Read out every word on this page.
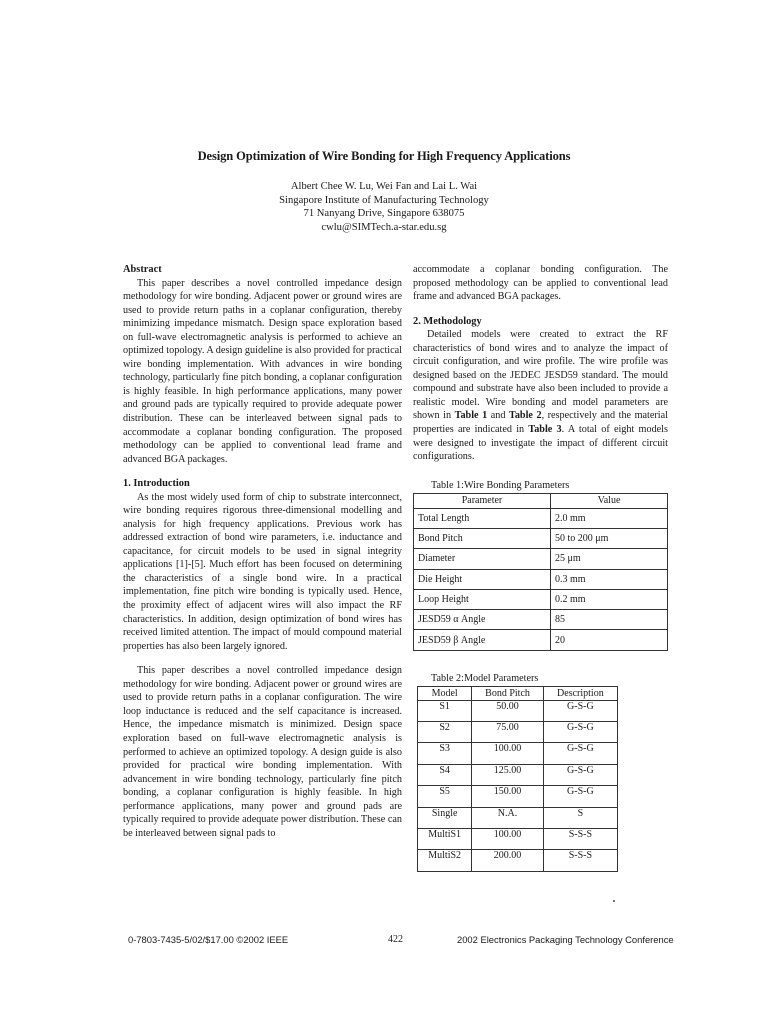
Design Optimization of Wire Bonding for High Frequency Applications
Albert Chee W. Lu, Wei Fan and Lai L. Wai
Singapore Institute of Manufacturing Technology
71 Nanyang Drive, Singapore 638075
cwlu@SIMTech.a-star.edu.sg

Abstract

This paper describes a novel controlled impedance design methodology for wire bonding. Adjacent power or ground wires are used to provide return paths in a coplanar configuration, thereby minimizing impedance mismatch. Design space exploration based on full-wave electromagnetic analysis is performed to achieve an optimized topology. A design guideline is also provided for practical wire bonding implementation. With advances in wire bonding technology, particularly fine pitch bonding, a coplanar configuration is highly feasible. In high performance applications, many power and ground pads are typically required to provide adequate power distribution. These can be interleaved between signal pads to accommodate a coplanar bonding configuration. The proposed methodology can be applied to conventional lead frame and advanced BGA packages.

1. Introduction

As the most widely used form of chip to substrate interconnect, wire bonding requires rigorous three-dimensional modelling and analysis for high frequency applications. Previous work has addressed extraction of bond wire parameters, i.e. inductance and capacitance, for circuit models to be used in signal integrity applications [1]-[5]. Much effort has been focused on determining the characteristics of a single bond wire. In a practical implementation, fine pitch wire bonding is typically used. Hence, the proximity effect of adjacent wires will also impact the RF characteristics. In addition, design optimization of bond wires has received limited attention. The impact of mould compound material properties has also been largely ignored.

This paper describes a novel controlled impedance design methodology for wire bonding. Adjacent power or ground wires are used to provide return paths in a coplanar configuration. The wire loop inductance is reduced and the self capacitance is increased. Hence, the impedance mismatch is minimized. Design space exploration based on full-wave electromagnetic analysis is performed to achieve an optimized topology. A design guide is also provided for practical wire bonding implementation. With advancement in wire bonding technology, particularly fine pitch bonding, a coplanar configuration is highly feasible. In high performance applications, many power and ground pads are typically required to provide adequate power distribution. These can be interleaved between signal pads to

accommodate a coplanar bonding configuration. The proposed methodology can be applied to conventional lead frame and advanced BGA packages.

2. Methodology

Detailed models were created to extract the RF characteristics of bond wires and to analyze the impact of circuit configuration, and wire profile. The wire profile was designed based on the JEDEC JESD59 standard. The mould compound and substrate have also been included to provide a realistic model. Wire bonding and model parameters are shown in Table 1 and Table 2, respectively and the material properties are indicated in Table 3. A total of eight models were designed to investigate the impact of different circuit configurations.

Table 1:Wire Bonding Parameters

Parameter	Value
Total Length	2.0 mm
Bond Pitch	50 to 200 μm
Diameter	25 μm
Die Height	0.3 mm
Loop Height	0.2 mm
JESD59 α Angle	85
JESD59 β Angle	20

Table 2:Model Parameters

Model	Bond Pitch	Description
S1	50.00	G-S-G
S2	75.00	G-S-G
S3	100.00	G-S-G
S4	125.00	G-S-G
S5	150.00	G-S-G
Single	N.A.	S
MultiS1	100.00	S-S-S
MultiS2	200.00	S-S-S
0-7803-7435-5/02/$17.00 ©2002 IEEE	422	2002 Electronics Packaging Technology Conference
